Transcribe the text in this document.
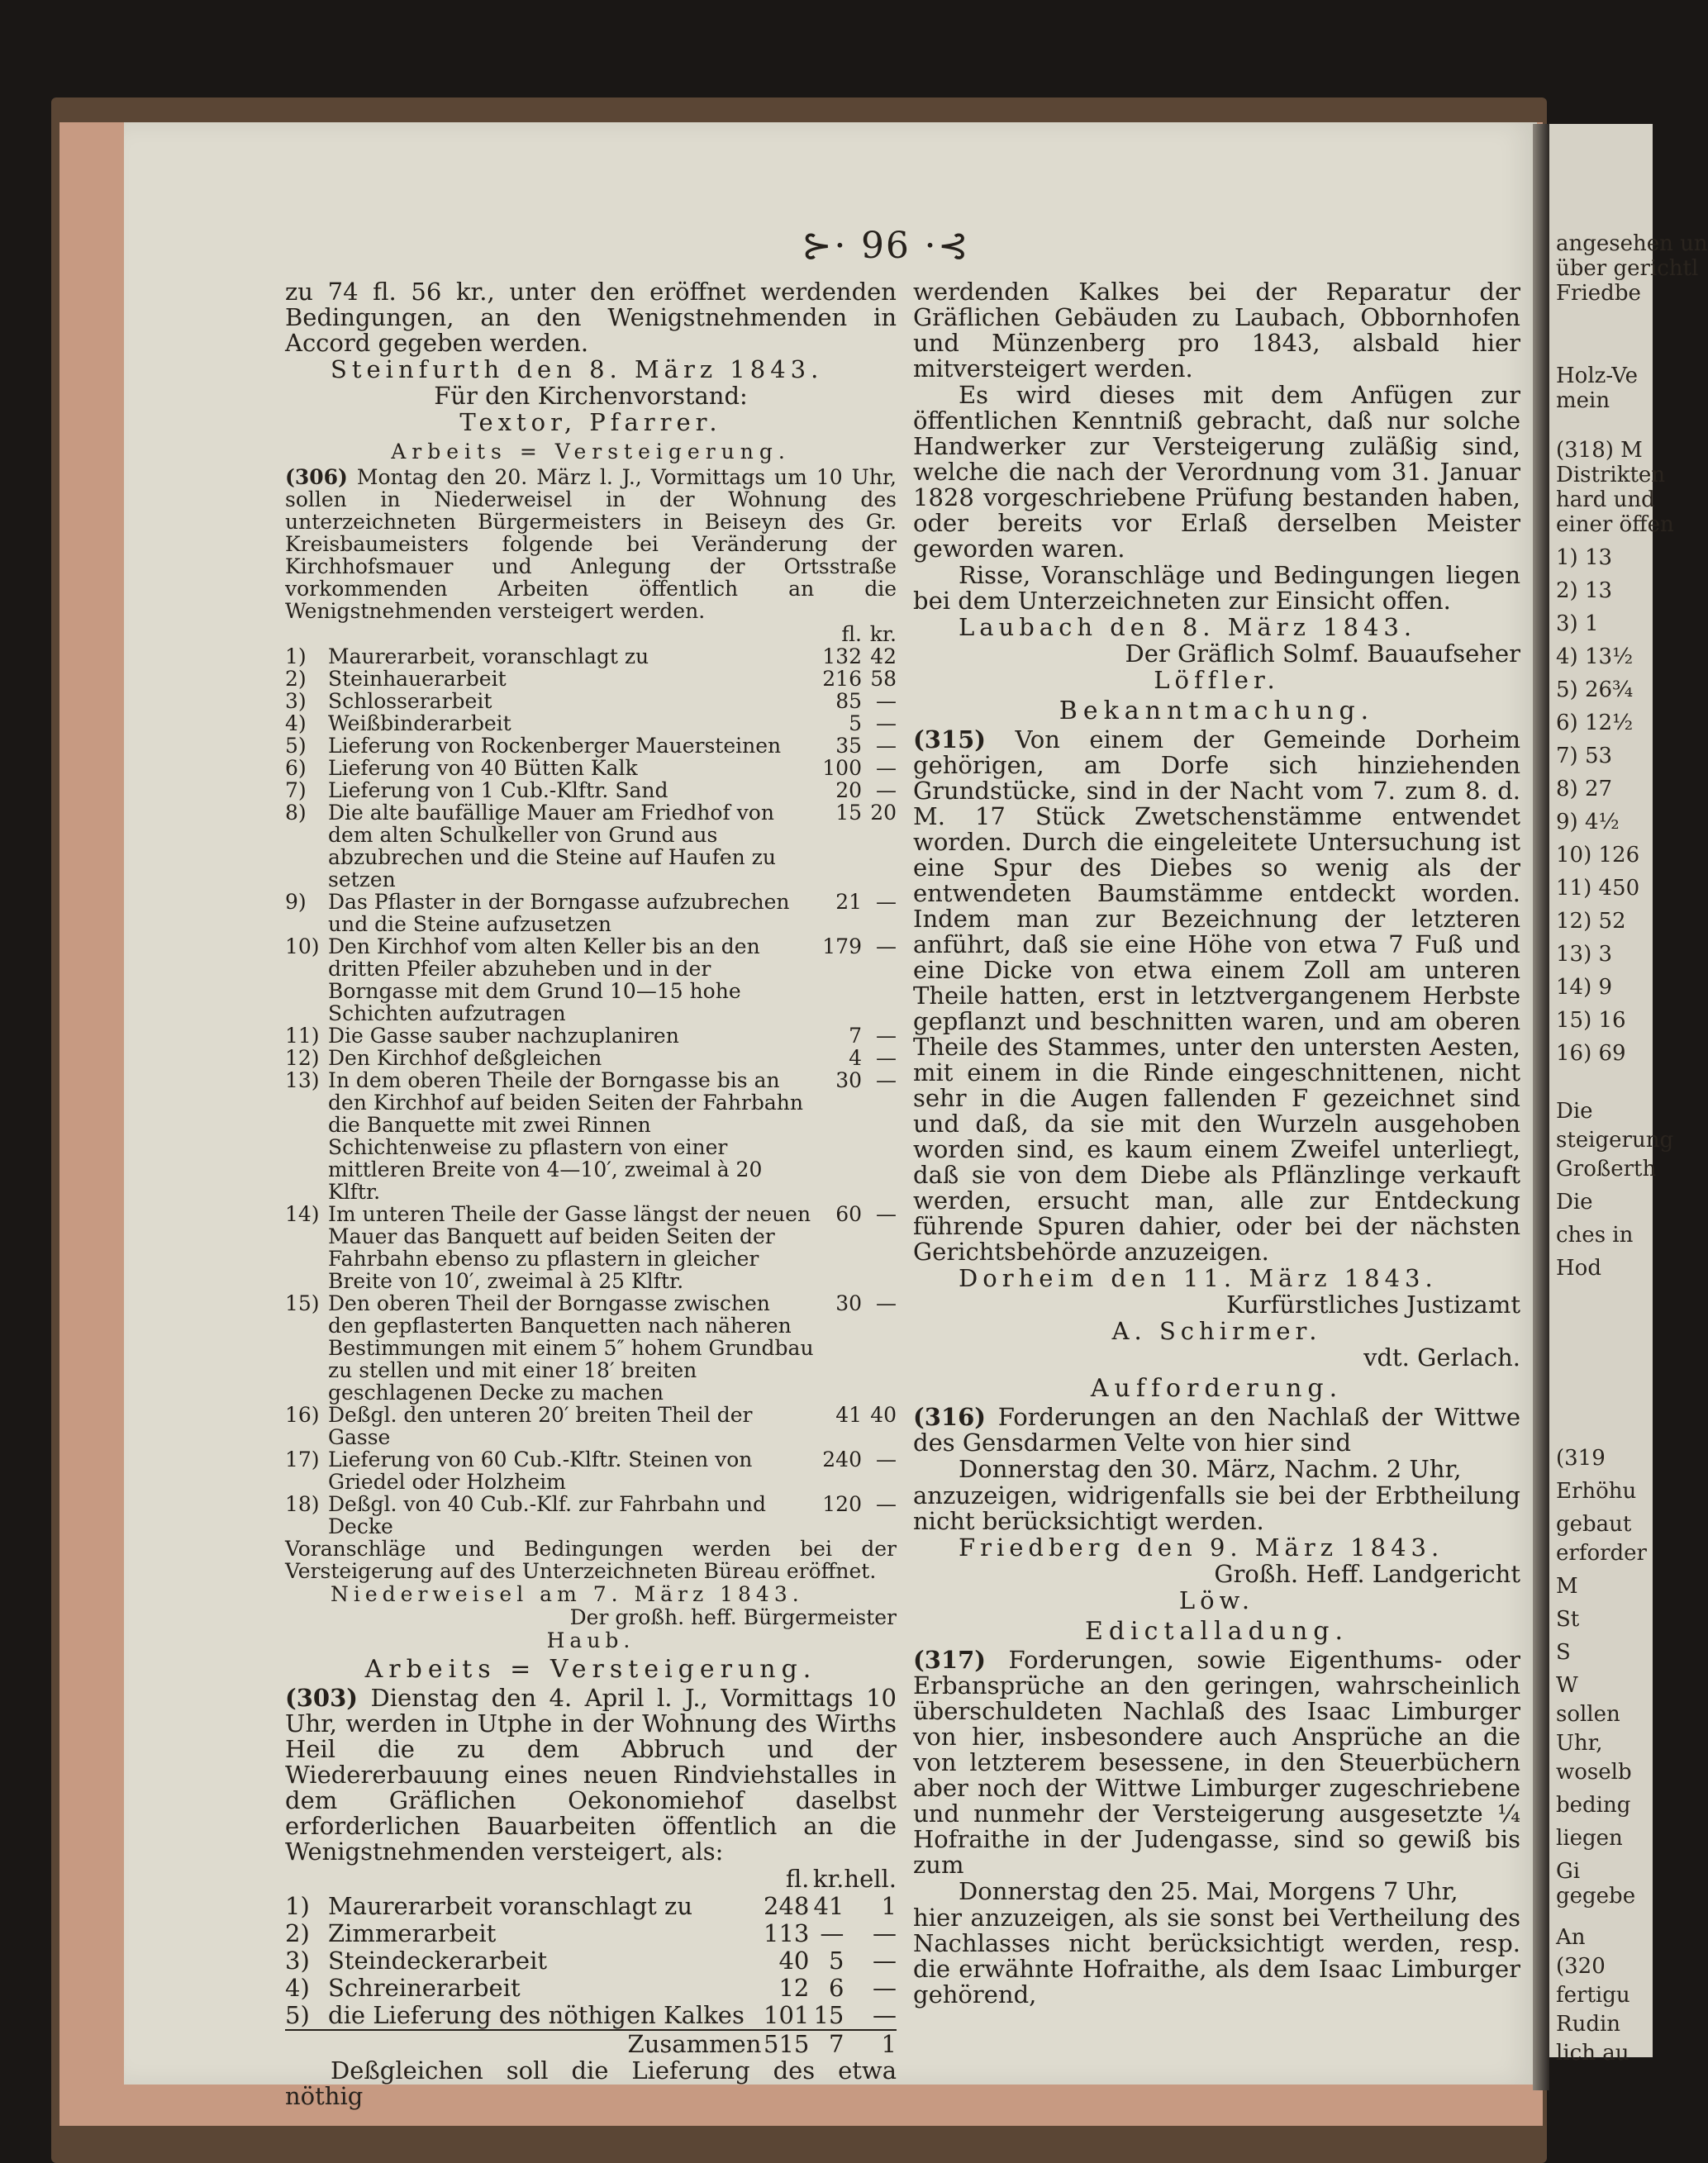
angesehen un
über gerichtl
Friedbe
Holz-Ve
mein
(318) M
Distrikten
hard und
einer öffen
1) 13
2) 13
3) 1
4) 13½
5) 26¾
6) 12½
7) 53
8) 27
9) 4½
10) 126
11) 450
12) 52
13) 3
14) 9
15) 16
16) 69
Die
steigerung
Großerth
Die
ches in
Hod
(319
Erhöhu
gebaut
erforder
M
St
S
W
sollen
Uhr,
woselb
beding
liegen
Gi
An
(320
fertigu
Rudin
lich au
gegebe
⊱⋅ 96 ⋅⊰

zu 74 fl. 56 kr., unter den eröffnet werdenden Bedingungen, an den Wenigstnehmenden in Accord gegeben werden.

Steinfurth den 8. März 1843.

Für den Kirchenvorstand:

Textor, Pfarrer.

Arbeits = Versteigerung.

(306) Montag den 20. März l. J., Vormittags um 10 Uhr, sollen in Niederweisel in der Wohnung des unterzeichneten Bürgermeisters in Beiseyn des Gr. Kreisbaumeisters folgende bei Veränderung der Kirchhofsmauer und Anlegung der Ortsstraße vorkommenden Arbeiten öffentlich an die Wenigstnehmenden versteigert werden.

		fl.	kr.
1)	Maurerarbeit, voranschlagt zu	132	42
2)	Steinhauerarbeit	216	58
3)	Schlosserarbeit	85	—
4)	Weißbinderarbeit	5	—
5)	Lieferung von Rockenberger Mauersteinen	35	—
6)	Lieferung von 40 Bütten Kalk	100	—
7)	Lieferung von 1 Cub.-Klftr. Sand	20	—
8)	Die alte baufällige Mauer am Friedhof von dem alten Schulkeller von Grund aus abzubrechen und die Steine auf Haufen zu setzen	15	20
9)	Das Pflaster in der Borngasse aufzubrechen und die Steine aufzusetzen	21	—
10)	Den Kirchhof vom alten Keller bis an den dritten Pfeiler abzuheben und in der Borngasse mit dem Grund 10—15 hohe Schichten aufzutragen	179	—
11)	Die Gasse sauber nachzuplaniren	7	—
12)	Den Kirchhof deßgleichen	4	—
13)	In dem oberen Theile der Borngasse bis an den Kirchhof auf beiden Seiten der Fahrbahn die Banquette mit zwei Rinnen Schichtenweise zu pflastern von einer mittleren Breite von 4—10′, zweimal à 20 Klftr.	30	—
14)	Im unteren Theile der Gasse längst der neuen Mauer das Banquett auf beiden Seiten der Fahrbahn ebenso zu pflastern in gleicher Breite von 10′, zweimal à 25 Klftr.	60	—
15)	Den oberen Theil der Borngasse zwischen den gepflasterten Banquetten nach näheren Bestimmungen mit einem 5″ hohem Grundbau zu stellen und mit einer 18′ breiten geschlagenen Decke zu machen	30	—
16)	Deßgl. den unteren 20′ breiten Theil der Gasse	41	40
17)	Lieferung von 60 Cub.-Klftr. Steinen von Griedel oder Holzheim	240	—
18)	Deßgl. von 40 Cub.-Klf. zur Fahrbahn und Decke	120	—

Voranschläge und Bedingungen werden bei der Versteigerung auf des Unterzeichneten Büreau eröffnet.

Niederweisel am 7. März 1843.

Der großh. heff. Bürgermeister

Haub.

Arbeits = Versteigerung.

(303) Dienstag den 4. April l. J., Vormittags 10 Uhr, werden in Utphe in der Wohnung des Wirths Heil die zu dem Abbruch und der Wiedererbauung eines neuen Rindviehstalles in dem Gräflichen Oekonomiehof daselbst erforderlichen Bauarbeiten öffentlich an die Wenigstnehmenden versteigert, als:

		fl.	kr.	hell.
1)	Maurerarbeit voranschlagt zu	248	41	1
2)	Zimmerarbeit	113	—	—
3)	Steindeckerarbeit	40	5	—
4)	Schreinerarbeit	12	6	—
5)	die Lieferung des nöthigen Kalkes	101	15	—
	Zusammen	515	7	1

Deßgleichen soll die Lieferung des etwa nöthig

werdenden Kalkes bei der Reparatur der Gräflichen Gebäuden zu Laubach, Obbornhofen und Münzenberg pro 1843, alsbald hier mitversteigert werden.

Es wird dieses mit dem Anfügen zur öffentlichen Kenntniß gebracht, daß nur solche Handwerker zur Versteigerung zuläßig sind, welche die nach der Verordnung vom 31. Januar 1828 vorgeschriebene Prüfung bestanden haben, oder bereits vor Erlaß derselben Meister geworden waren.

Risse, Voranschläge und Bedingungen liegen bei dem Unterzeichneten zur Einsicht offen.

Laubach den 8. März 1843.

Der Gräflich Solmf. Bauaufseher

Löffler.

Bekanntmachung.

(315) Von einem der Gemeinde Dorheim gehörigen, am Dorfe sich hinziehenden Grundstücke, sind in der Nacht vom 7. zum 8. d. M. 17 Stück Zwetschenstämme entwendet worden. Durch die eingeleitete Untersuchung ist eine Spur des Diebes so wenig als der entwendeten Baumstämme entdeckt worden. Indem man zur Bezeichnung der letzteren anführt, daß sie eine Höhe von etwa 7 Fuß und eine Dicke von etwa einem Zoll am unteren Theile hatten, erst in letztvergangenem Herbste gepflanzt und beschnitten waren, und am oberen Theile des Stammes, unter den untersten Aesten, mit einem in die Rinde eingeschnittenen, nicht sehr in die Augen fallenden F gezeichnet sind und daß, da sie mit den Wurzeln ausgehoben worden sind, es kaum einem Zweifel unterliegt, daß sie von dem Diebe als Pflänzlinge verkauft werden, ersucht man, alle zur Entdeckung führende Spuren dahier, oder bei der nächsten Gerichtsbehörde anzuzeigen.

Dorheim den 11. März 1843.

Kurfürstliches Justizamt

A. Schirmer.

vdt. Gerlach.

Aufforderung.

(316) Forderungen an den Nachlaß der Wittwe des Gensdarmen Velte von hier sind

Donnerstag den 30. März, Nachm. 2 Uhr,

anzuzeigen, widrigenfalls sie bei der Erbtheilung nicht berücksichtigt werden.

Friedberg den 9. März 1843.

Großh. Heff. Landgericht

Löw.

Edictalladung.

(317) Forderungen, sowie Eigenthums- oder Erbansprüche an den geringen, wahrscheinlich überschuldeten Nachlaß des Isaac Limburger von hier, insbesondere auch Ansprüche an die von letzterem besessene, in den Steuerbüchern aber noch der Wittwe Limburger zugeschriebene und nunmehr der Versteigerung ausgesetzte ¼ Hofraithe in der Judengasse, sind so gewiß bis zum

Donnerstag den 25. Mai, Morgens 7 Uhr,

hier anzuzeigen, als sie sonst bei Vertheilung des Nachlasses nicht berücksichtigt werden, resp. die erwähnte Hofraithe, als dem Isaac Limburger gehörend,
